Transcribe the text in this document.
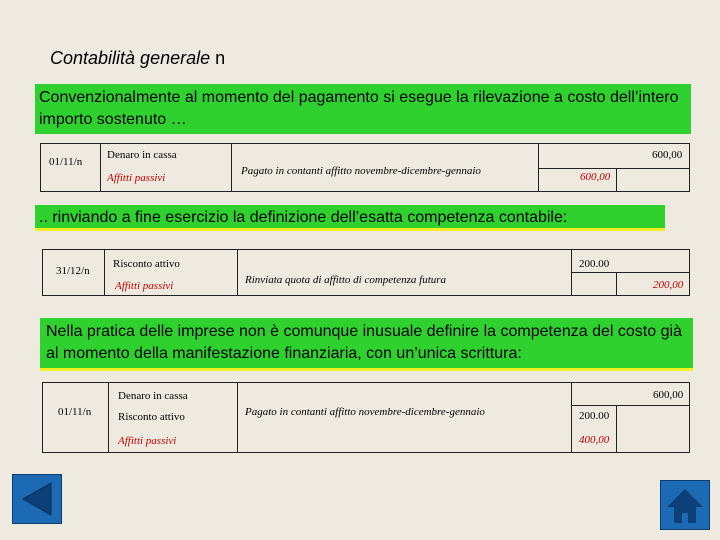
Contabilità generale n
Convenzionalmente al momento del pagamento si esegue la rilevazione a costo dell’intero importo sostenuto …
01/11/n
Denaro in cassa
Affitti passivi
Pagato in contanti affitto novembre-dicembre-gennaio
600,00
600,00
.. rinviando a fine esercizio la definizione dell’esatta competenza contabile:
31/12/n
Risconto attivo
Affitti passivi	Rinviata quota di affitto di competenza futura
200.00
200,00
Nella pratica delle imprese non è comunque inusuale definire la competenza del costo già al momento della manifestazione finanziaria, con un’unica scrittura:
01/11/n
Denaro in cassa
Risconto attivo
Affitti passivi
Pagato in contanti affitto novembre-dicembre-gennaio
600,00
200.00
400,00
